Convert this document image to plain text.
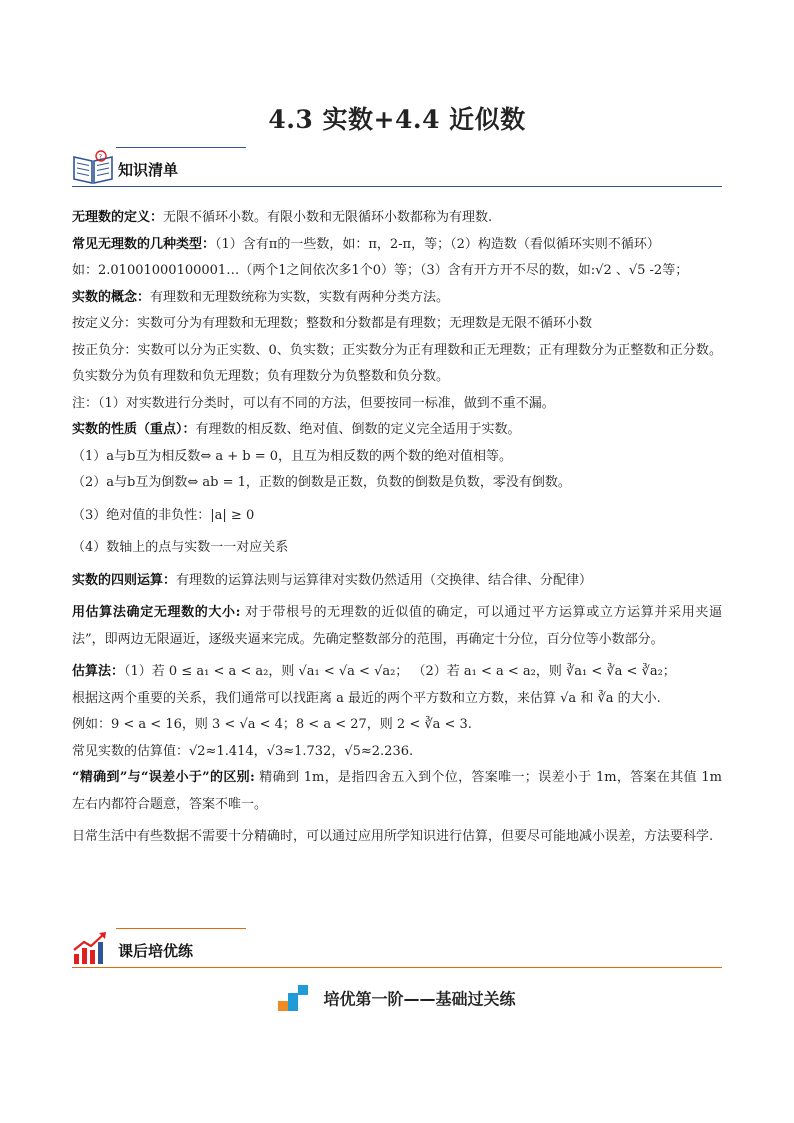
4.3 实数+4.4 近似数
?
知识清单

无理数的定义：无限不循环小数。有限小数和无限循环小数都称为有理数.

常见无理数的几种类型：（1）含有π的一些数，如：π，2-π，等；（2）构造数（看似循环实则不循环）

如：2.01001000100001…（两个1之间依次多1个0）等；（3）含有开方开不尽的数，如:√2 、√5 -2等；

实数的概念：有理数和无理数统称为实数，实数有两种分类方法。

按定义分：实数可分为有理数和无理数；整数和分数都是有理数；无理数是无限不循环小数

按正负分：实数可以分为正实数、0、负实数；正实数分为正有理数和正无理数；正有理数分为正整数和正分数。负实数分为负有理数和负无理数；负有理数分为负整数和负分数。

注：（1）对实数进行分类时，可以有不同的方法，但要按同一标准，做到不重不漏。

实数的性质（重点）：有理数的相反数、绝对值、倒数的定义完全适用于实数。

（1）a与b互为相反数⇔ a + b = 0，且互为相反数的两个数的绝对值相等。

（2）a与b互为倒数⇔ ab = 1，正数的倒数是正数，负数的倒数是负数，零没有倒数。

（3）绝对值的非负性：|a| ≥ 0

（4）数轴上的点与实数一一对应关系

实数的四则运算：有理数的运算法则与运算律对实数仍然适用（交换律、结合律、分配律）

用估算法确定无理数的大小: 对于带根号的无理数的近似值的确定，可以通过平方运算或立方运算并采用夹逼法”，即两边无限逼近，逐级夹逼来完成。先确定整数部分的范围，再确定十分位，百分位等小数部分。

估算法：（1）若 0 ≤ a₁ < a < a₂，则 √a₁ < √a < √a₂； （2）若 a₁ < a < a₂，则 ∛a₁ < ∛a < ∛a₂；

根据这两个重要的关系，我们通常可以找距离 a 最近的两个平方数和立方数，来估算 √a 和 ∛a 的大小.

例如：9 < a < 16，则 3 < √a < 4；8 < a < 27，则 2 < ∛a < 3.

常见实数的估算值：√2≈1.414，√3≈1.732，√5≈2.236.

“精确到”与“误差小于”的区别: 精确到 1m，是指四舍五入到个位，答案唯一；误差小于 1m，答案在其值 1m 左右内都符合题意，答案不唯一。

日常生活中有些数据不需要十分精确时，可以通过应用所学知识进行估算，但要尽可能地减小误差，方法要科学.

课后培优练
培优第一阶——基础过关练
